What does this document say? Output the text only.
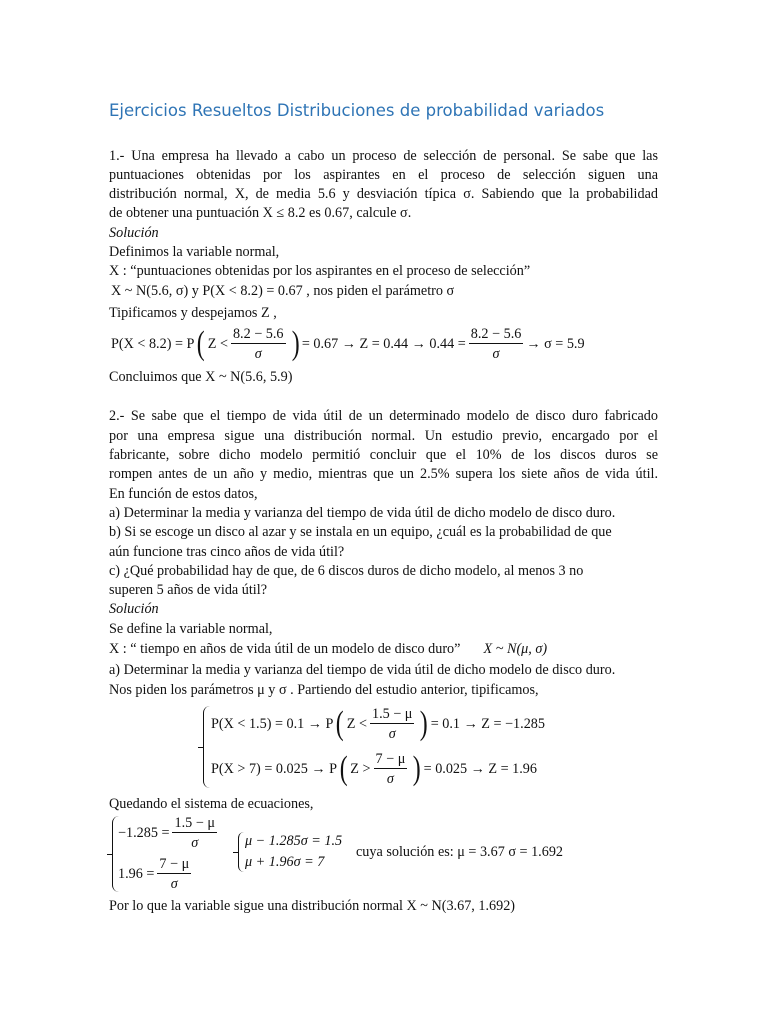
Ejercicios Resueltos Distribuciones de probabilidad variados
1.- Una empresa ha llevado a cabo un proceso de selección de personal. Se sabe que las
puntuaciones obtenidas por los aspirantes en el proceso de selección siguen una
distribución normal, X, de media 5.6 y desviación típica σ. Sabiendo que la probabilidad
de obtener una puntuación X ≤ 8.2 es 0.67, calcule σ.
Solución
Definimos la variable normal,
X : “puntuaciones obtenidas por los aspirantes en el proceso de selección”
X ~ N(5.6, σ) y P(X < 8.2) = 0.67 , nos piden el parámetro σ
Tipificamos y despejamos Z ,
P(X < 8.2) = P ( $Z < \frac{8.2 - 5.6}{\sigma}$ ) = $0.67 \to Z = 0.44 \to 0.44 = \frac{8.2 - 5.6}{\sigma} \to \sigma = 5.9$
Concluimos que X ~ N(5.6, 5.9)
2.- Se sabe que el tiempo de vida útil de un determinado modelo de disco duro fabricado
por una empresa sigue una distribución normal. Un estudio previo, encargado por el
fabricante, sobre dicho modelo permitió concluir que el 10% de los discos duros se
rompen antes de un año y medio, mientras que un 2.5% supera los siete años de vida útil.
En función de estos datos,
a) Determinar la media y varianza del tiempo de vida útil de dicho modelo de disco duro.
b) Si se escoge un disco al azar y se instala en un equipo, ¿cuál es la probabilidad de que
aún funcione tras cinco años de vida útil?
c) ¿Qué probabilidad hay de que, de 6 discos duros de dicho modelo, al menos 3 no
superen 5 años de vida útil?
Solución
Se define la variable normal,
X : “ tiempo en años de vida útil de un modelo de disco duro” X ~ N(μ, σ)
a) Determinar la media y varianza del tiempo de vida útil de dicho modelo de disco duro.
Nos piden los parámetros μ y σ . Partiendo del estudio anterior, tipificamos,
P(X < 1.5) = 0.1 → P ( $Z < \frac{1.5 - \mu}{\sigma}$ ) = 0.1 → Z = −1.285
P(X > 7) = 0.025 → P ( $Z > \frac{7 - \mu}{\sigma}$ ) = 0.025 → Z = 1.96
Quedando el sistema de ecuaciones,
$-1.285 = \frac{1.5 - \mu}{\sigma}$
$1.96 = \frac{7 - \mu}{\sigma}$
μ − 1.285σ = 1.5
μ + 1.96σ = 7
cuya solución es: μ = 3.67 σ = 1.692
Por lo que la variable sigue una distribución normal X ~ N(3.67, 1.692)
